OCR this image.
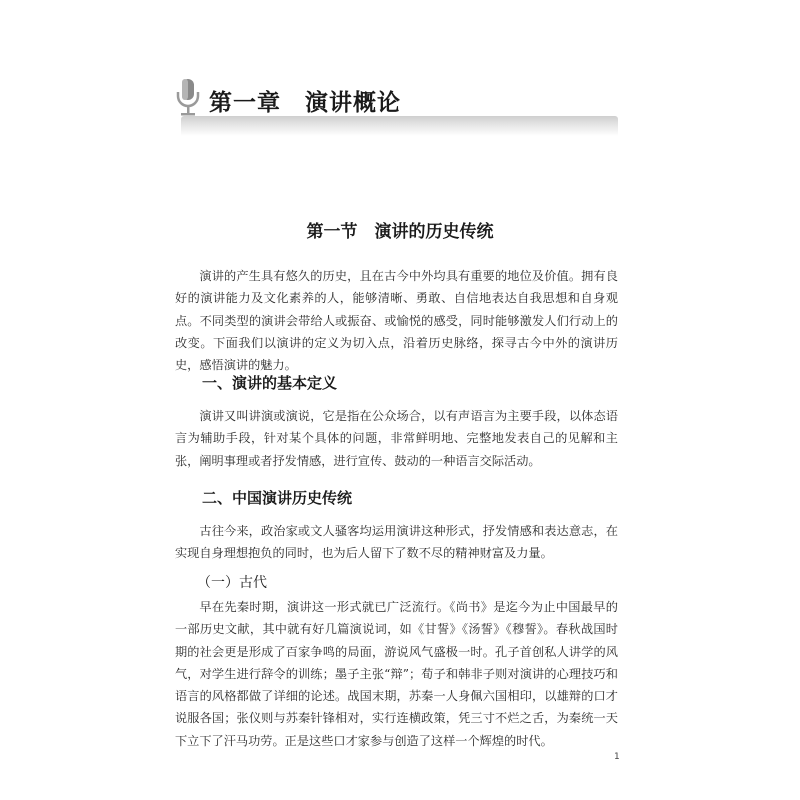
第一章　演讲概论
第一节　演讲的历史传统

演讲的产生具有悠久的历史，且在古今中外均具有重要的地位及价值。拥有良好的演讲能力及文化素养的人，能够清晰、勇敢、自信地表达自我思想和自身观点。不同类型的演讲会带给人或振奋、或愉悦的感受，同时能够激发人们行动上的改变。下面我们以演讲的定义为切入点，沿着历史脉络，探寻古今中外的演讲历史，感悟演讲的魅力。

一、演讲的基本定义

演讲又叫讲演或演说，它是指在公众场合，以有声语言为主要手段，以体态语言为辅助手段，针对某个具体的问题，非常鲜明地、完整地发表自己的见解和主张，阐明事理或者抒发情感，进行宣传、鼓动的一种语言交际活动。

二、中国演讲历史传统

古往今来，政治家或文人骚客均运用演讲这种形式，抒发情感和表达意志，在实现自身理想抱负的同时，也为后人留下了数不尽的精神财富及力量。

（一）古代

早在先秦时期，演讲这一形式就已广泛流行。《尚书》是迄今为止中国最早的一部历史文献，其中就有好几篇演说词，如《甘誓》《汤誓》《穆誓》。春秋战国时期的社会更是形成了百家争鸣的局面，游说风气盛极一时。孔子首创私人讲学的风气，对学生进行辞令的训练；墨子主张“辩”；荀子和韩非子则对演讲的心理技巧和语言的风格都做了详细的论述。战国末期，苏秦一人身佩六国相印，以雄辩的口才说服各国；张仪则与苏秦针锋相对，实行连横政策，凭三寸不烂之舌，为秦统一天下立下了汗马功劳。正是这些口才家参与创造了这样一个辉煌的时代。

1
